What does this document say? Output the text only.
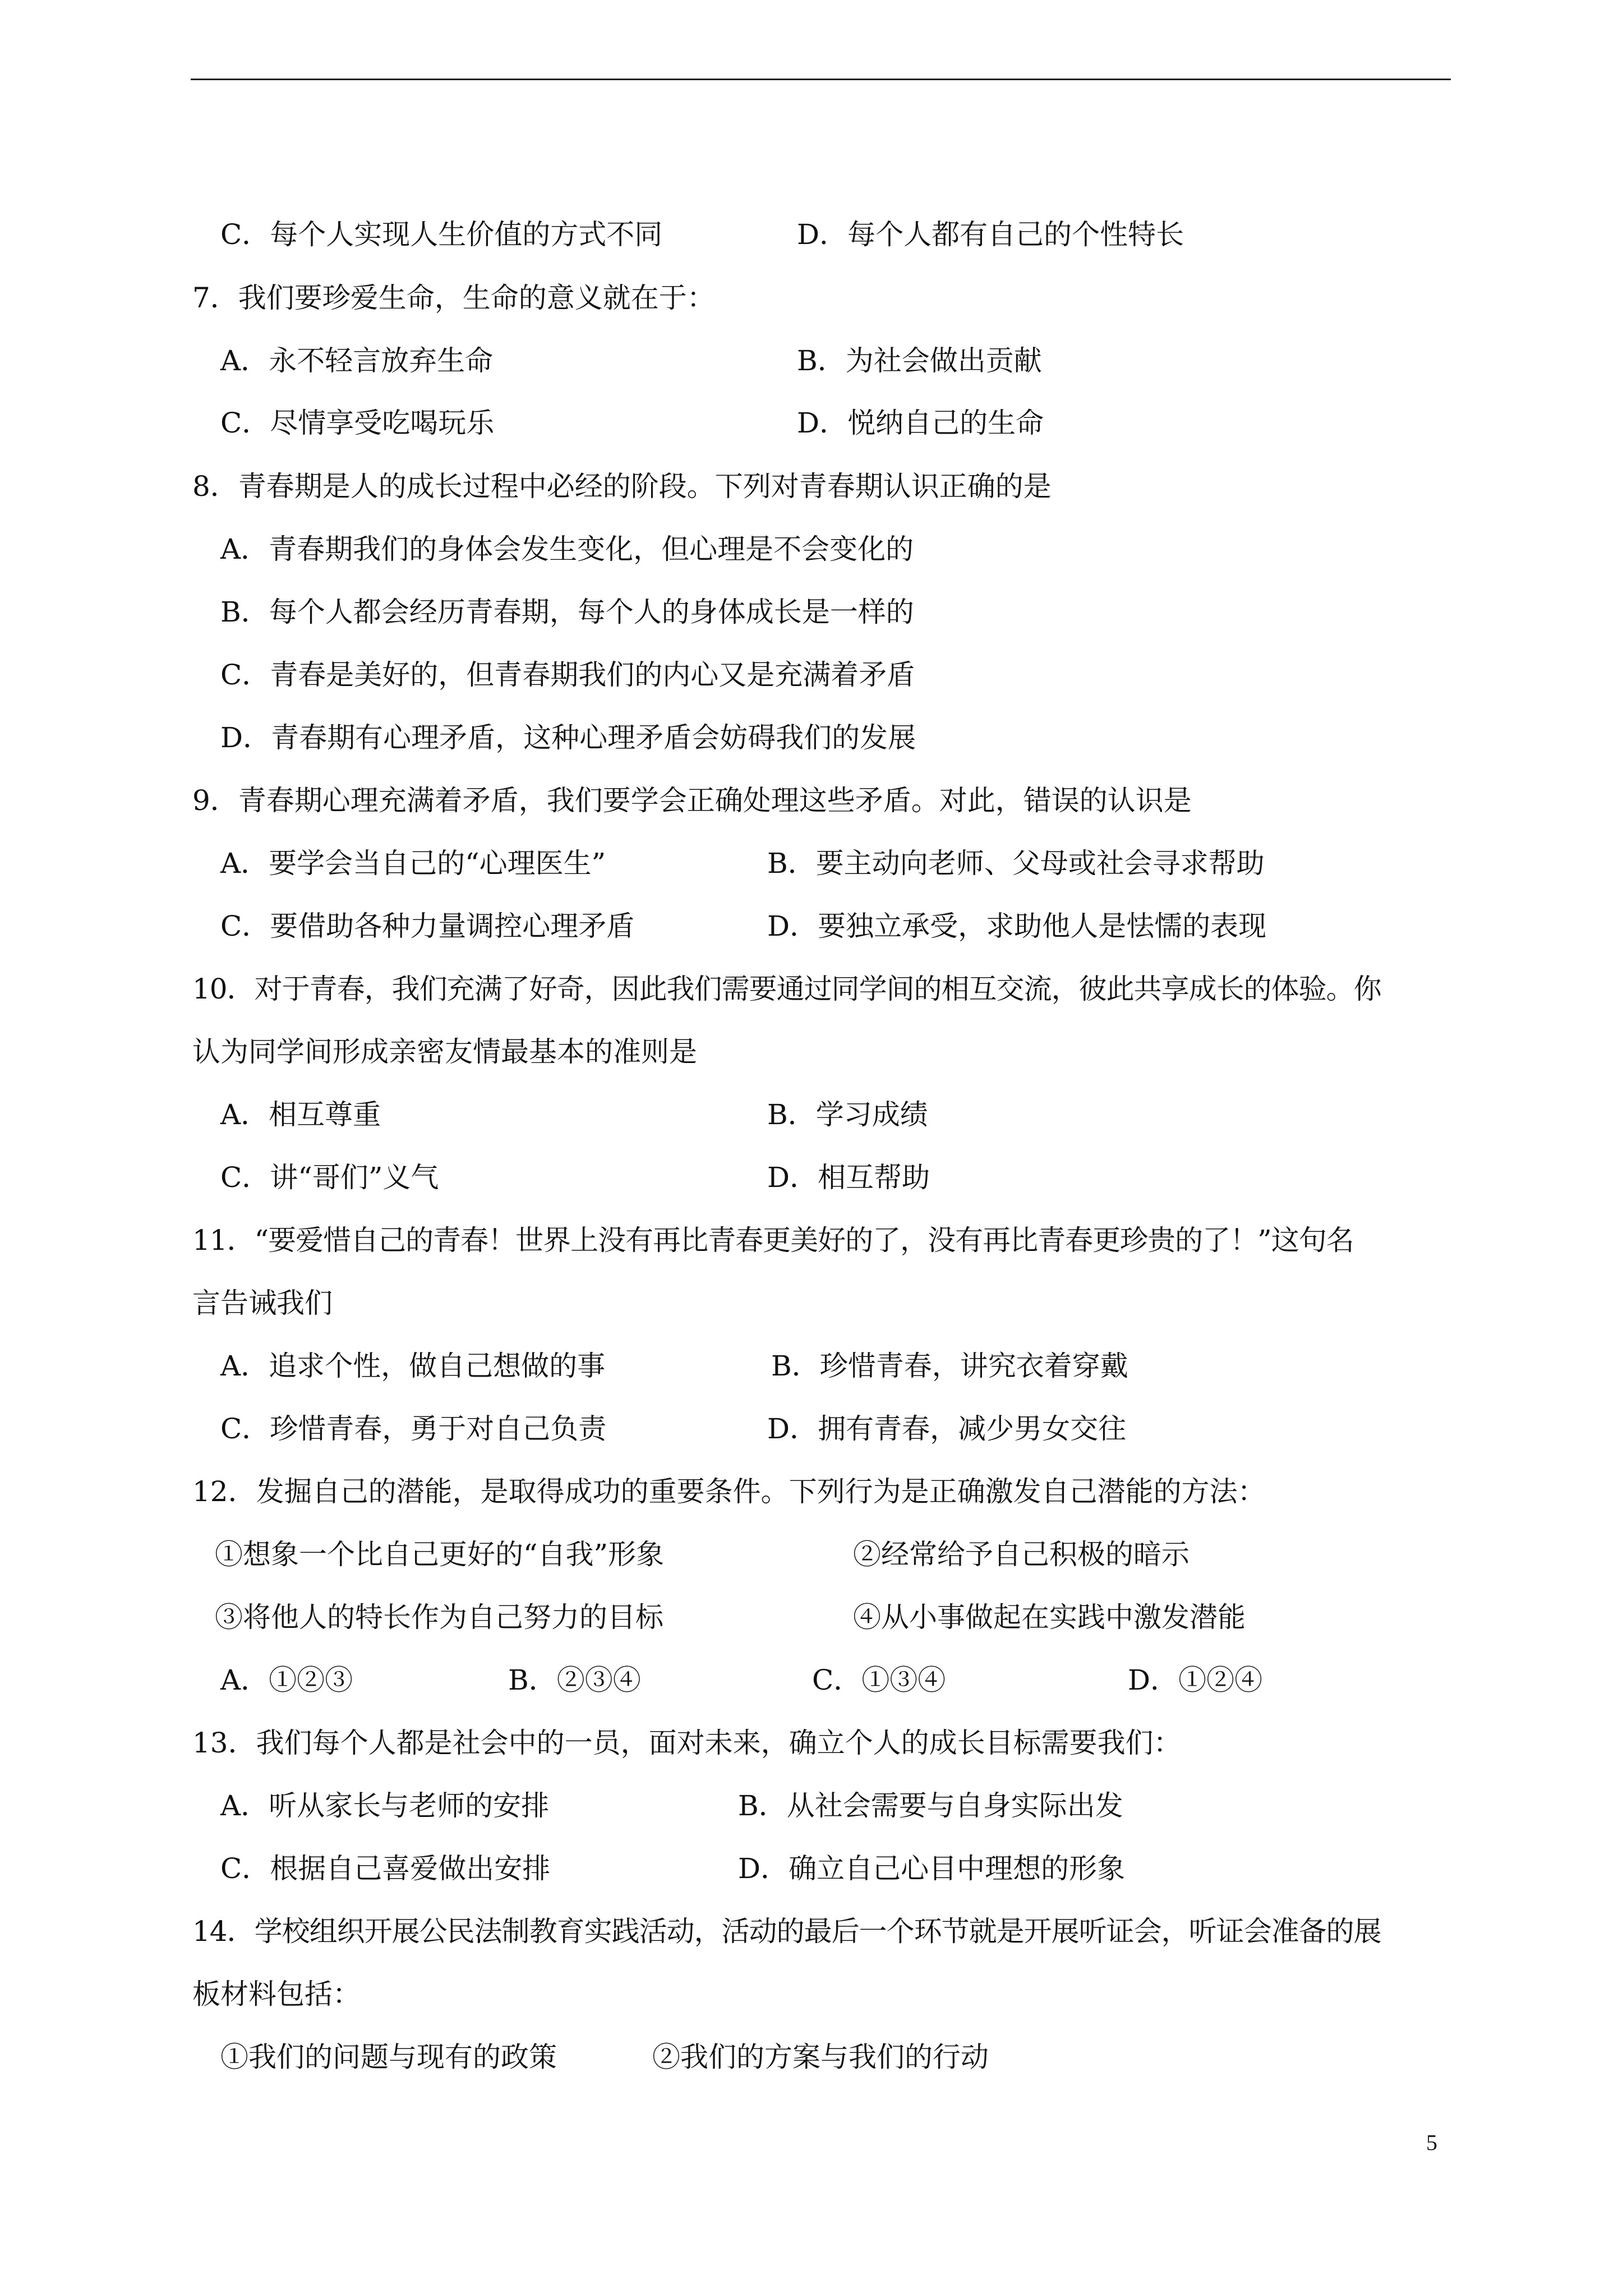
C．每个人实现人生价值的方式不同	D．每个人都有自己的个性特长
7．我们要珍爱生命，生命的意义就在于：
A．永不轻言放弃生命	B．为社会做出贡献
C．尽情享受吃喝玩乐	D．悦纳自己的生命
8．青春期是人的成长过程中必经的阶段。下列对青春期认识正确的是
A．青春期我们的身体会发生变化，但心理是不会变化的
B．每个人都会经历青春期，每个人的身体成长是一样的
C．青春是美好的，但青春期我们的内心又是充满着矛盾
D．青春期有心理矛盾，这种心理矛盾会妨碍我们的发展
9．青春期心理充满着矛盾，我们要学会正确处理这些矛盾。对此，错误的认识是
A．要学会当自己的“心理医生”	B．要主动向老师、父母或社会寻求帮助
C．要借助各种力量调控心理矛盾	D．要独立承受，求助他人是怯懦的表现
10．对于青春，我们充满了好奇，因此我们需要通过同学间的相互交流，彼此共享成长的体验。你
认为同学间形成亲密友情最基本的准则是
A．相互尊重	B．学习成绩
C．讲“哥们”义气	D．相互帮助
11．“要爱惜自己的青春！世界上没有再比青春更美好的了，没有再比青春更珍贵的了！”这句名
言告诫我们
A．追求个性，做自己想做的事	B．珍惜青春，讲究衣着穿戴
C．珍惜青春，勇于对自己负责	D．拥有青春，减少男女交往
12．发掘自己的潜能，是取得成功的重要条件。下列行为是正确激发自己潜能的方法：
①想象一个比自己更好的“自我”形象	②经常给予自己积极的暗示
③将他人的特长作为自己努力的目标	④从小事做起在实践中激发潜能
A．①②③	B．②③④	C．①③④	D．①②④
13．我们每个人都是社会中的一员，面对未来，确立个人的成长目标需要我们：
A．听从家长与老师的安排	B．从社会需要与自身实际出发
C．根据自己喜爱做出安排	D．确立自己心目中理想的形象
14．学校组织开展公民法制教育实践活动，活动的最后一个环节就是开展听证会，听证会准备的展
板材料包括：
①我们的问题与现有的政策	②我们的方案与我们的行动
5
